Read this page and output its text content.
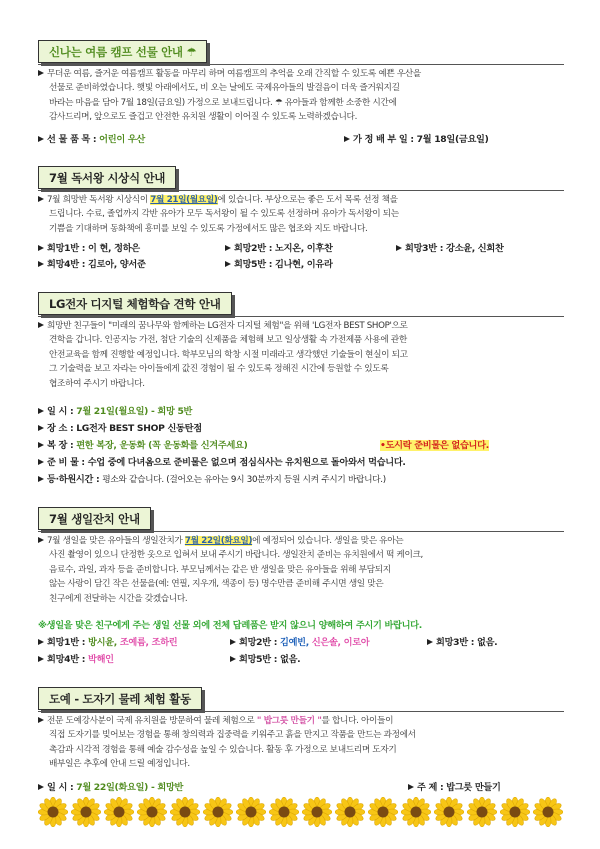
신나는 여름 캠프 선물 안내 ☂
무더운 여름, 즐거운 여름캠프 활동을 마무리 하며 여름캠프의 추억을 오래 간직할 수 있도록 예쁜 우산을
선물로 준비하였습니다. 햇빛 아래에서도, 비 오는 날에도 국제유아들의 발걸음이 더욱 즐거워지길
바라는 마음을 담아 7월 18일(금요일) 가정으로 보내드립니다. ☂ 유아들과 함께한 소중한 시간에
감사드리며, 앞으로도 즐겁고 안전한 유치원 생활이 이어질 수 있도록 노력하겠습니다.
선 물 품 목 : 어린이 우산	가 정 배 부 일 : 7월 18일(금요일)
7월 독서왕 시상식 안내
7월 희망반 독서왕 시상식이 7월 21일(월요일)에 있습니다. 부상으로는 좋은 도서 목록 선정 책을
드립니다. 수료, 졸업까지 각반 유아가 모두 독서왕이 될 수 있도록 선정하며 유아가 독서왕이 되는
기쁨을 기대하며 동화책에 흥미를 보일 수 있도록 가정에서도 많은 협조와 지도 바랍니다.
희망1반 : 이 현, 정하은	희망2반 : 노지온, 이후찬	희망3반 : 강소윤, 신희찬
희망4반 : 김로아, 양서준	희망5반 : 김나현, 이유라
LG전자 디지털 체험학습 견학 안내
희망반 친구들이 "미래의 꿈나무와 함께하는 LG전자 디지털 체험"을 위해 'LG전자 BEST SHOP'으로
견학을 갑니다. 인공지능 가전, 첨단 기술의 신제품을 체험해 보고 일상생활 속 가전제품 사용에 관한
안전교육을 함께 진행할 예정입니다. 학부모님의 학창 시절 미래라고 생각했던 기술들이 현실이 되고
그 기술력을 보고 자라는 아이들에게 값진 경험이 될 수 있도록 정해진 시간에 등원할 수 있도록
협조하여 주시기 바랍니다.
일 시 : 7월 21일(월요일) - 희망 5반
장 소 : LG전자 BEST SHOP 신동탄점
복 장 : 편한 복장, 운동화 (꼭 운동화를 신겨주세요)	•도시락 준비물은 없습니다.
준 비 물 : 수업 중에 다녀옴으로 준비물은 없으며 점심식사는 유치원으로 돌아와서 먹습니다.
등·하원시간 : 평소와 같습니다. (걸어오는 유아는 9시 30분까지 등원 시켜 주시기 바랍니다.)
7월 생일잔치 안내
7월 생일을 맞은 유아들의 생일잔치가 7월 22일(화요일)에 예정되어 있습니다. 생일을 맞은 유아는
사진 촬영이 있으니 단정한 옷으로 입혀서 보내 주시기 바랍니다. 생일잔치 준비는 유치원에서 떡 케이크,
음료수, 과일, 과자 등을 준비합니다. 부모님께서는 같은 반 생일을 맞은 유아들을 위해 부담되지
않는 사랑이 담긴 작은 선물을(예: 연필, 지우개, 색종이 등) 명수만큼 준비해 주시면 생일 맞은
친구에게 전달하는 시간을 갖겠습니다.
※생일을 맞은 친구에게 주는 생일 선물 외에 전체 답례품은 받지 않으니 양해하여 주시기 바랍니다.
희망1반 : 방시윤, 조예름, 조하린	희망2반 : 김예빈, 신은솔, 이로아	희망3반 : 없음.
희망4반 : 박해인	희망5반 : 없음.
도예 - 도자기 물레 체험 활동
전문 도예강사분이 국제 유치원을 방문하여 물레 체험으로 " 밥그릇 만들기 "를 합니다. 아이들이
직접 도자기를 빚어보는 경험을 통해 창의력과 집중력을 키워주고 흙을 만지고 작품을 만드는 과정에서
촉감과 시각적 경험을 통해 예술 감수성을 높일 수 있습니다. 활동 후 가정으로 보내드리며 도자기
배부일은 추후에 안내 드릴 예정입니다.
일 시 : 7월 22일(화요일) - 희망반	주 제 : 밥그릇 만들기
